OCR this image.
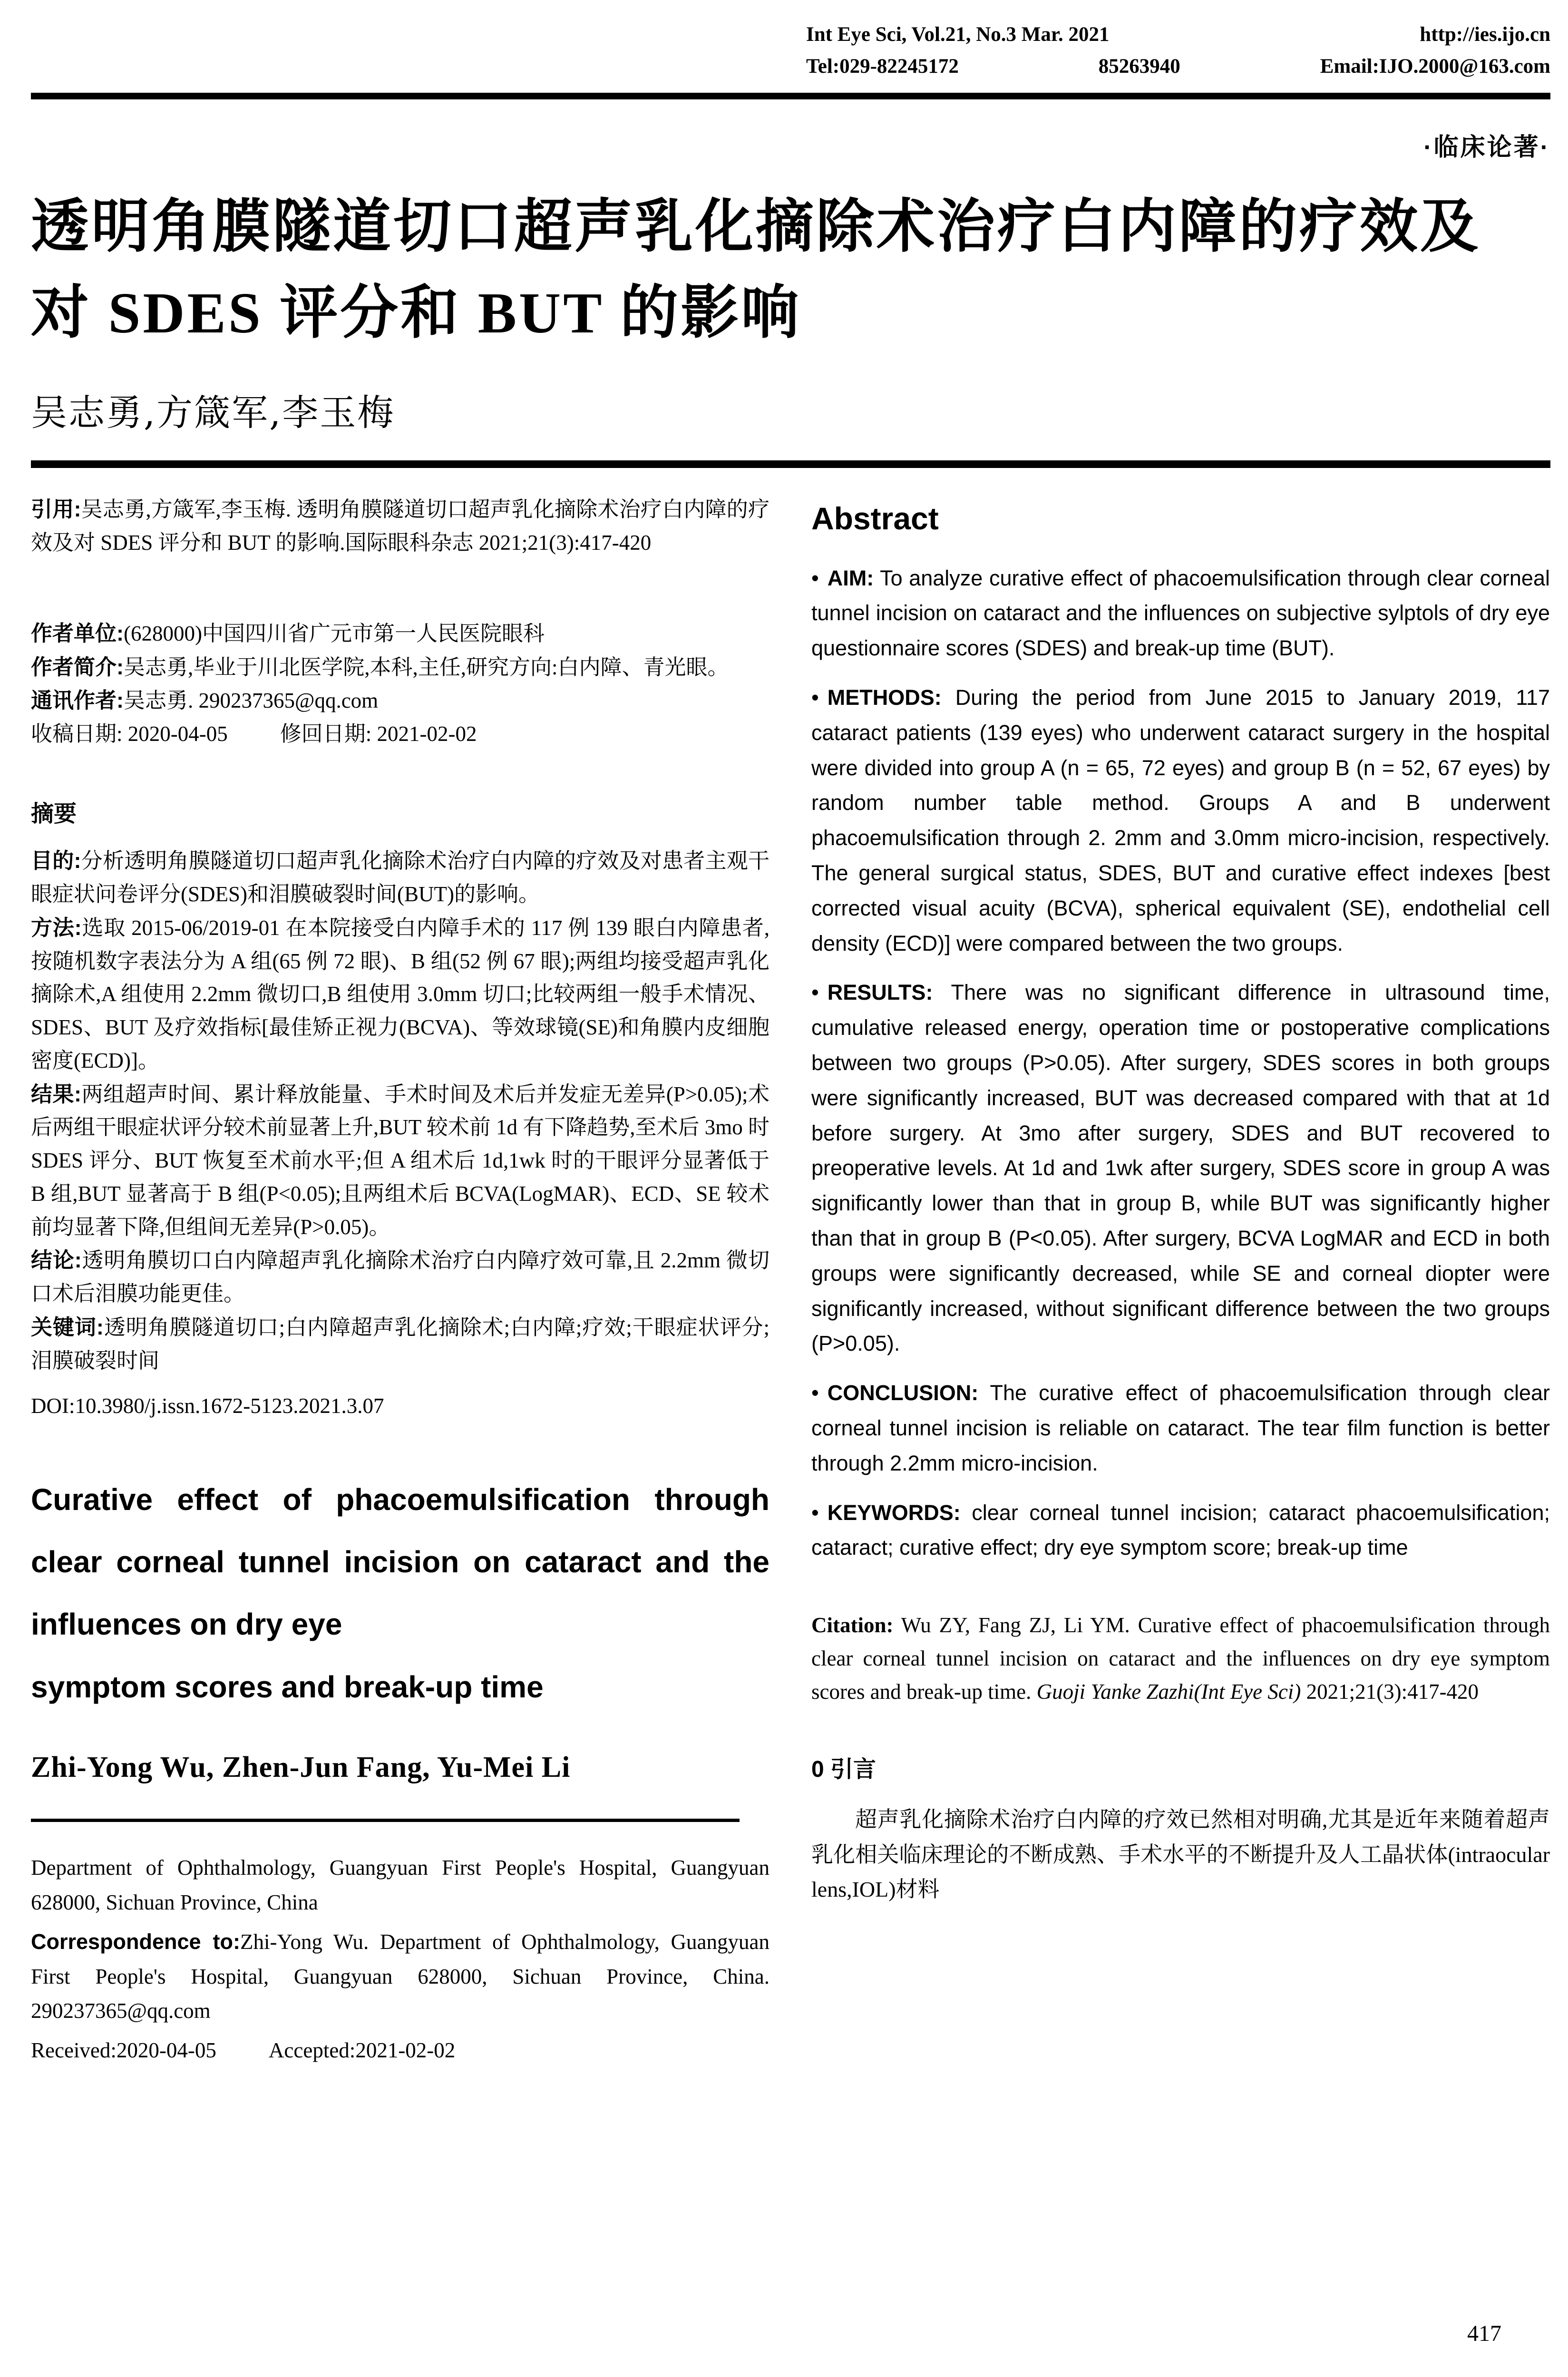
Int Eye Sci, Vol.21, No.3 Mar. 2021	http://ies.ijo.cn
Tel:029-82245172	85263940	Email:IJO.2000@163.com
·临床论著·
透明角膜隧道切口超声乳化摘除术治疗白内障的疗效及
对 SDES 评分和 BUT 的影响
吴志勇,方箴军,李玉梅

引用:吴志勇,方箴军,李玉梅. 透明角膜隧道切口超声乳化摘除术治疗白内障的疗效及对 SDES 评分和 BUT 的影响.国际眼科杂志 2021;21(3):417-420

作者单位:(628000)中国四川省广元市第一人民医院眼科

作者简介:吴志勇,毕业于川北医学院,本科,主任,研究方向:白内障、青光眼。

通讯作者:吴志勇. 290237365@qq.com

收稿日期: 2020-04-05 修回日期: 2021-02-02

摘要

目的:分析透明角膜隧道切口超声乳化摘除术治疗白内障的疗效及对患者主观干眼症状问卷评分(SDES)和泪膜破裂时间(BUT)的影响。

方法:选取 2015-06/2019-01 在本院接受白内障手术的 117 例 139 眼白内障患者,按随机数字表法分为 A 组(65 例 72 眼)、B 组(52 例 67 眼);两组均接受超声乳化摘除术,A 组使用 2.2mm 微切口,B 组使用 3.0mm 切口;比较两组一般手术情况、SDES、BUT 及疗效指标[最佳矫正视力(BCVA)、等效球镜(SE)和角膜内皮细胞密度(ECD)]。

结果:两组超声时间、累计释放能量、手术时间及术后并发症无差异(P>0.05);术后两组干眼症状评分较术前显著上升,BUT 较术前 1d 有下降趋势,至术后 3mo 时 SDES 评分、BUT 恢复至术前水平;但 A 组术后 1d,1wk 时的干眼评分显著低于 B 组,BUT 显著高于 B 组(P<0.05);且两组术后 BCVA(LogMAR)、ECD、SE 较术前均显著下降,但组间无差异(P>0.05)。

结论:透明角膜切口白内障超声乳化摘除术治疗白内障疗效可靠,且 2.2mm 微切口术后泪膜功能更佳。

关键词:透明角膜隧道切口;白内障超声乳化摘除术;白内障;疗效;干眼症状评分;泪膜破裂时间

DOI:10.3980/j.issn.1672-5123.2021.3.07

Curative effect of phacoemulsification through clear corneal tunnel incision on cataract and the influences on dry eye
symptom scores and break-up time
Zhi-Yong Wu, Zhen-Jun Fang, Yu-Mei Li

Department of Ophthalmology, Guangyuan First People's Hospital, Guangyuan 628000, Sichuan Province, China

Correspondence to:Zhi-Yong Wu. Department of Ophthalmology, Guangyuan First People's Hospital, Guangyuan 628000, Sichuan Province, China. 290237365@qq.com

Received:2020-04-05 Accepted:2021-02-02

Abstract

• AIM: To analyze curative effect of phacoemulsification through clear corneal tunnel incision on cataract and the influences on subjective sylptols of dry eye questionnaire scores (SDES) and break-up time (BUT).

• METHODS: During the period from June 2015 to January 2019, 117 cataract patients (139 eyes) who underwent cataract surgery in the hospital were divided into group A (n = 65, 72 eyes) and group B (n = 52, 67 eyes) by random number table method. Groups A and B underwent phacoemulsification through 2. 2mm and 3.0mm micro-incision, respectively. The general surgical status, SDES, BUT and curative effect indexes [best corrected visual acuity (BCVA), spherical equivalent (SE), endothelial cell density (ECD)] were compared between the two groups.

• RESULTS: There was no significant difference in ultrasound time, cumulative released energy, operation time or postoperative complications between two groups (P>0.05). After surgery, SDES scores in both groups were significantly increased, BUT was decreased compared with that at 1d before surgery. At 3mo after surgery, SDES and BUT recovered to preoperative levels. At 1d and 1wk after surgery, SDES score in group A was significantly lower than that in group B, while BUT was significantly higher than that in group B (P<0.05). After surgery, BCVA LogMAR and ECD in both groups were significantly decreased, while SE and corneal diopter were significantly increased, without significant difference between the two groups (P>0.05).

• CONCLUSION: The curative effect of phacoemulsification through clear corneal tunnel incision is reliable on cataract. The tear film function is better through 2.2mm micro-incision.

• KEYWORDS: clear corneal tunnel incision; cataract phacoemulsification; cataract; curative effect; dry eye symptom score; break-up time

Citation: Wu ZY, Fang ZJ, Li YM. Curative effect of phacoemulsification through clear corneal tunnel incision on cataract and the influences on dry eye symptom scores and break-up time. Guoji Yanke Zazhi(Int Eye Sci) 2021;21(3):417-420

0 引言

超声乳化摘除术治疗白内障的疗效已然相对明确,尤其是近年来随着超声乳化相关临床理论的不断成熟、手术水平的不断提升及人工晶状体(intraocular lens,IOL)材料

417
